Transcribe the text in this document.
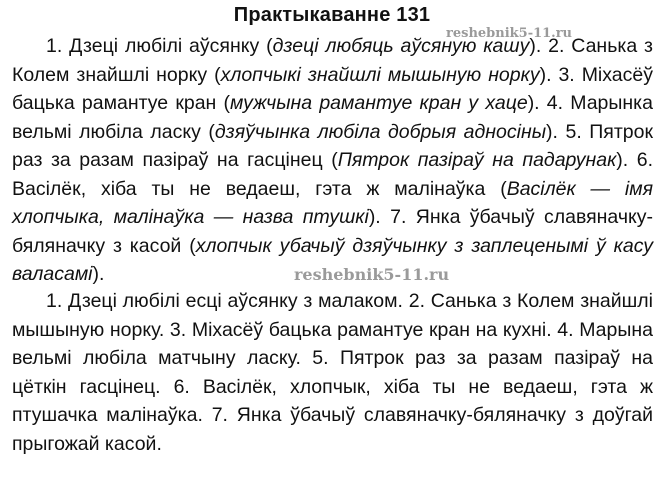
Практыкаванне 131
reshebnik5-11.ru
1. Дзеці любілі аўсянку (дзеці любяць аўсяную кашу). 2. Санька з Колем знайшлі норку (хлопчыкі знайшлі мышыную норку). 3. Міхасёў бацька рамантуе кран (мужчына рамантуе кран у хаце). 4. Марынка вельмі любіла ласку (дзяўчынка любіла добрыя адносіны). 5. Пятрок раз за разам пазіраў на гасцінец (Пятрок пазіраў на падарунак). 6. Васілёк, хіба ты не ведаеш, гэта ж малінаўка (Васілёк — імя хлопчыка, малінаўка — назва птушкі). 7. Янка ўбачыў славяначку-бяляначку з касой (хлопчык убачыў дзяўчынку з заплеценымі ў касу валасамі).	reshebnik5-11.ru
1. Дзеці любілі есці аўсянку з малаком. 2. Санька з Колем знайшлі мышыную норку. 3. Міхасёў бацька рамантуе кран на кухні. 4. Марына вельмі любіла матчыну ласку. 5. Пятрок раз за разам пазіраў на цёткін гасцінец. 6. Васілёк, хлопчык, хіба ты не ведаеш, гэта ж птушачка малінаўка. 7. Янка ўбачыў славяначку-бяляначку з доўгай прыгожай касой.
